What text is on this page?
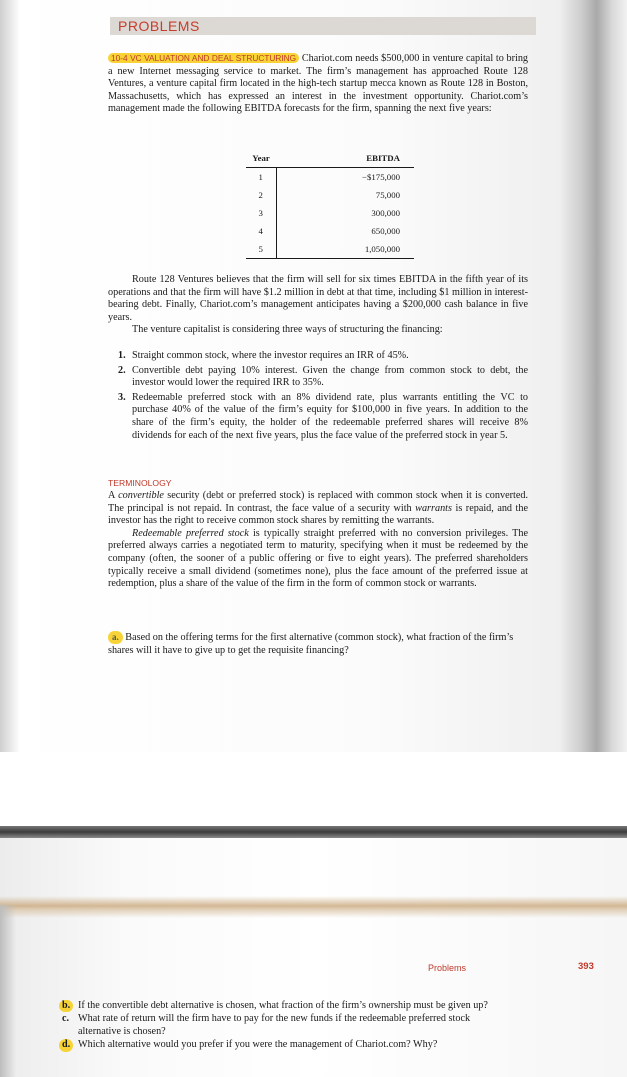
PROBLEMS
10-4 VC VALUATION AND DEAL STRUCTURING Chariot.com needs $500,000 in venture capital to bring a new Internet messaging service to market. The firm’s management has approached Route 128 Ventures, a venture capital firm located in the high-tech startup mecca known as Route 128 in Boston, Massachusetts, which has expressed an interest in the investment opportunity. Chariot.com’s management made the following EBITDA forecasts for the firm, spanning the next five years:
Year	EBITDA
1	−$175,000
2	75,000
3	300,000
4	650,000
5	1,050,000

Route 128 Ventures believes that the firm will sell for six times EBITDA in the fifth year of its operations and that the firm will have $1.2 million in debt at that time, including $1 million in interest-bearing debt. Finally, Chariot.com’s management anticipates having a $200,000 cash balance in five years.

The venture capitalist is considering three ways of structuring the financing:

1. Straight common stock, where the investor requires an IRR of 45%.
2. Convertible debt paying 10% interest. Given the change from common stock to debt, the investor would lower the required IRR to 35%.
3. Redeemable preferred stock with an 8% dividend rate, plus warrants entitling the VC to purchase 40% of the value of the firm’s equity for $100,000 in five years. In addition to the share of the firm’s equity, the holder of the redeemable preferred shares will receive 8% dividends for each of the next five years, plus the face value of the preferred stock in year 5.
TERMINOLOGY

A convertible security (debt or preferred stock) is replaced with common stock when it is converted. The principal is not repaid. In contrast, the face value of a security with warrants is repaid, and the investor has the right to receive common stock shares by remitting the warrants.

Redeemable preferred stock is typically straight preferred with no conversion privileges. The preferred always carries a negotiated term to maturity, specifying when it must be redeemed by the company (often, the sooner of a public offering or five to eight years). The preferred shareholders typically receive a small dividend (sometimes none), plus the face amount of the preferred issue at redemption, plus a share of the value of the firm in the form of common stock or warrants.

a. Based on the offering terms for the first alternative (common stock), what fraction of the firm’s shares will it have to give up to get the requisite financing?
Problems	393
b. If the convertible debt alternative is chosen, what fraction of the firm’s ownership must be given up?
c. What rate of return will the firm have to pay for the new funds if the redeemable preferred stock alternative is chosen?
d. Which alternative would you prefer if you were the management of Chariot.com? Why?
